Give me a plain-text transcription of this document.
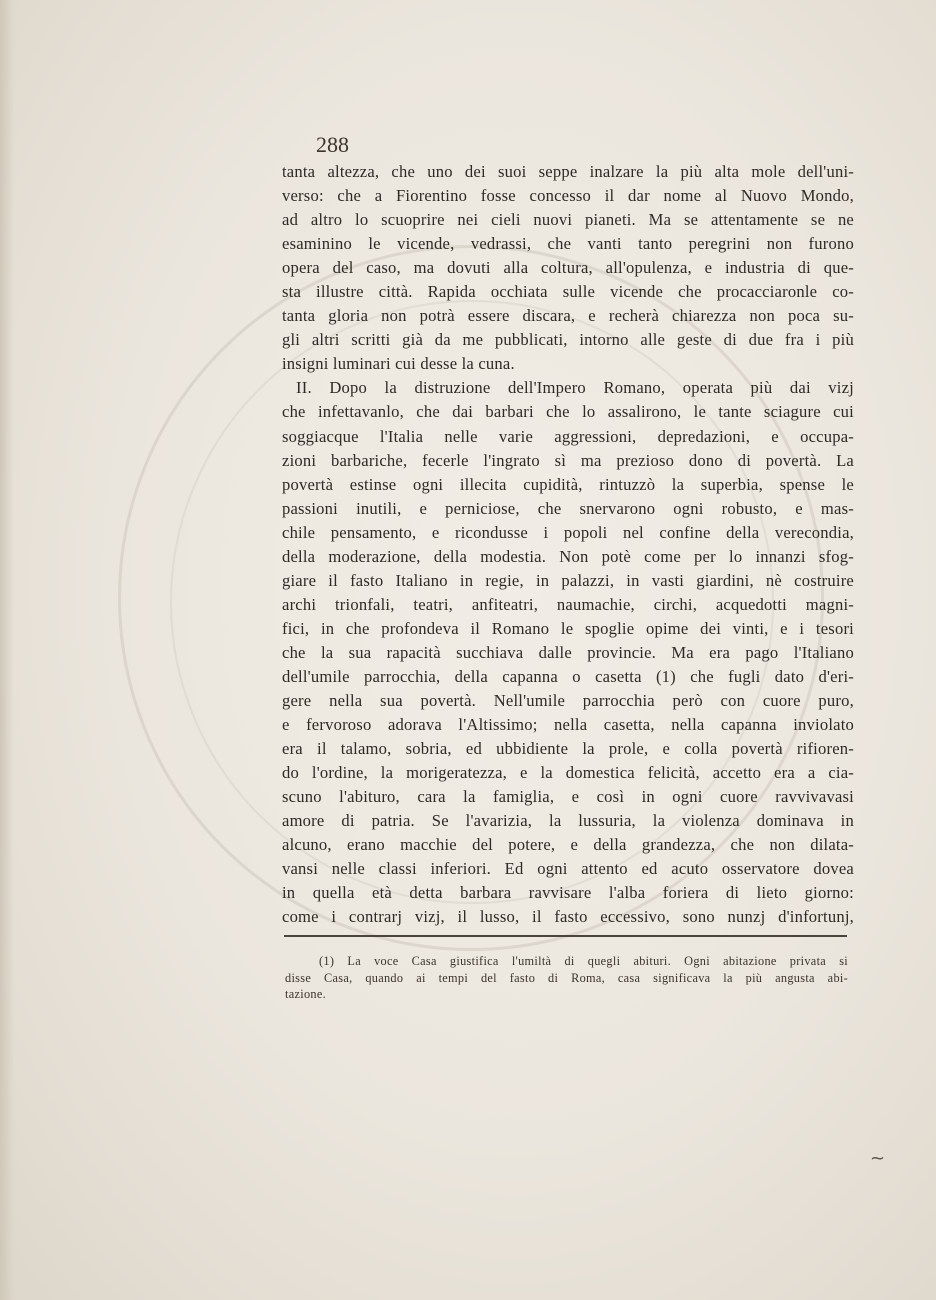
288

tanta altezza, che uno dei suoi seppe inalzare la più alta mole dell'uni-
verso: che a Fiorentino fosse concesso il dar nome al Nuovo Mondo,
ad altro lo scuoprire nei cieli nuovi pianeti. Ma se attentamente se ne
esaminino le vicende, vedrassi, che vanti tanto peregrini non furono
opera del caso, ma dovuti alla coltura, all'opulenza, e industria di que-
sta illustre città. Rapida occhiata sulle vicende che procacciaronle co-
tanta gloria non potrà essere discara, e recherà chiarezza non poca su-
gli altri scritti già da me pubblicati, intorno alle geste di due fra i più
insigni luminari cui desse la cuna.
II. Dopo la distruzione dell'Impero Romano, operata più dai vizj
che infettavanlo, che dai barbari che lo assalirono, le tante sciagure cui
soggiacque l'Italia nelle varie aggressioni, depredazioni, e occupa-
zioni barbariche, fecerle l'ingrato sì ma prezioso dono di povertà. La
povertà estinse ogni illecita cupidità, rintuzzò la superbia, spense le
passioni inutili, e perniciose, che snervarono ogni robusto, e mas-
chile pensamento, e ricondusse i popoli nel confine della verecondia,
della moderazione, della modestia. Non potè come per lo innanzi sfog-
giare il fasto Italiano in regie, in palazzi, in vasti giardini, nè costruire
archi trionfali, teatri, anfiteatri, naumachie, circhi, acquedotti magni-
fici, in che profondeva il Romano le spoglie opime dei vinti, e i tesori
che la sua rapacità succhiava dalle provincie. Ma era pago l'Italiano
dell'umile parrocchia, della capanna o casetta (1) che fugli dato d'eri-
gere nella sua povertà. Nell'umile parrocchia però con cuore puro,
e fervoroso adorava l'Altissimo; nella casetta, nella capanna inviolato
era il talamo, sobria, ed ubbidiente la prole, e colla povertà rifioren-
do l'ordine, la morigeratezza, e la domestica felicità, accetto era a cia-
scuno l'abituro, cara la famiglia, e così in ogni cuore ravvivavasi
amore di patria. Se l'avarizia, la lussuria, la violenza dominava in
alcuno, erano macchie del potere, e della grandezza, che non dilata-
vansi nelle classi inferiori. Ed ogni attento ed acuto osservatore dovea
in quella età detta barbara ravvisare l'alba foriera di lieto giorno:
come i contrarj vizj, il lusso, il fasto eccessivo, sono nunzj d'infortunj,
(1) La voce Casa giustifica l'umiltà di quegli abituri. Ogni abitazione privata si
disse Casa, quando ai tempi del fasto di Roma, casa significava la più angusta abi-
tazione.
~
